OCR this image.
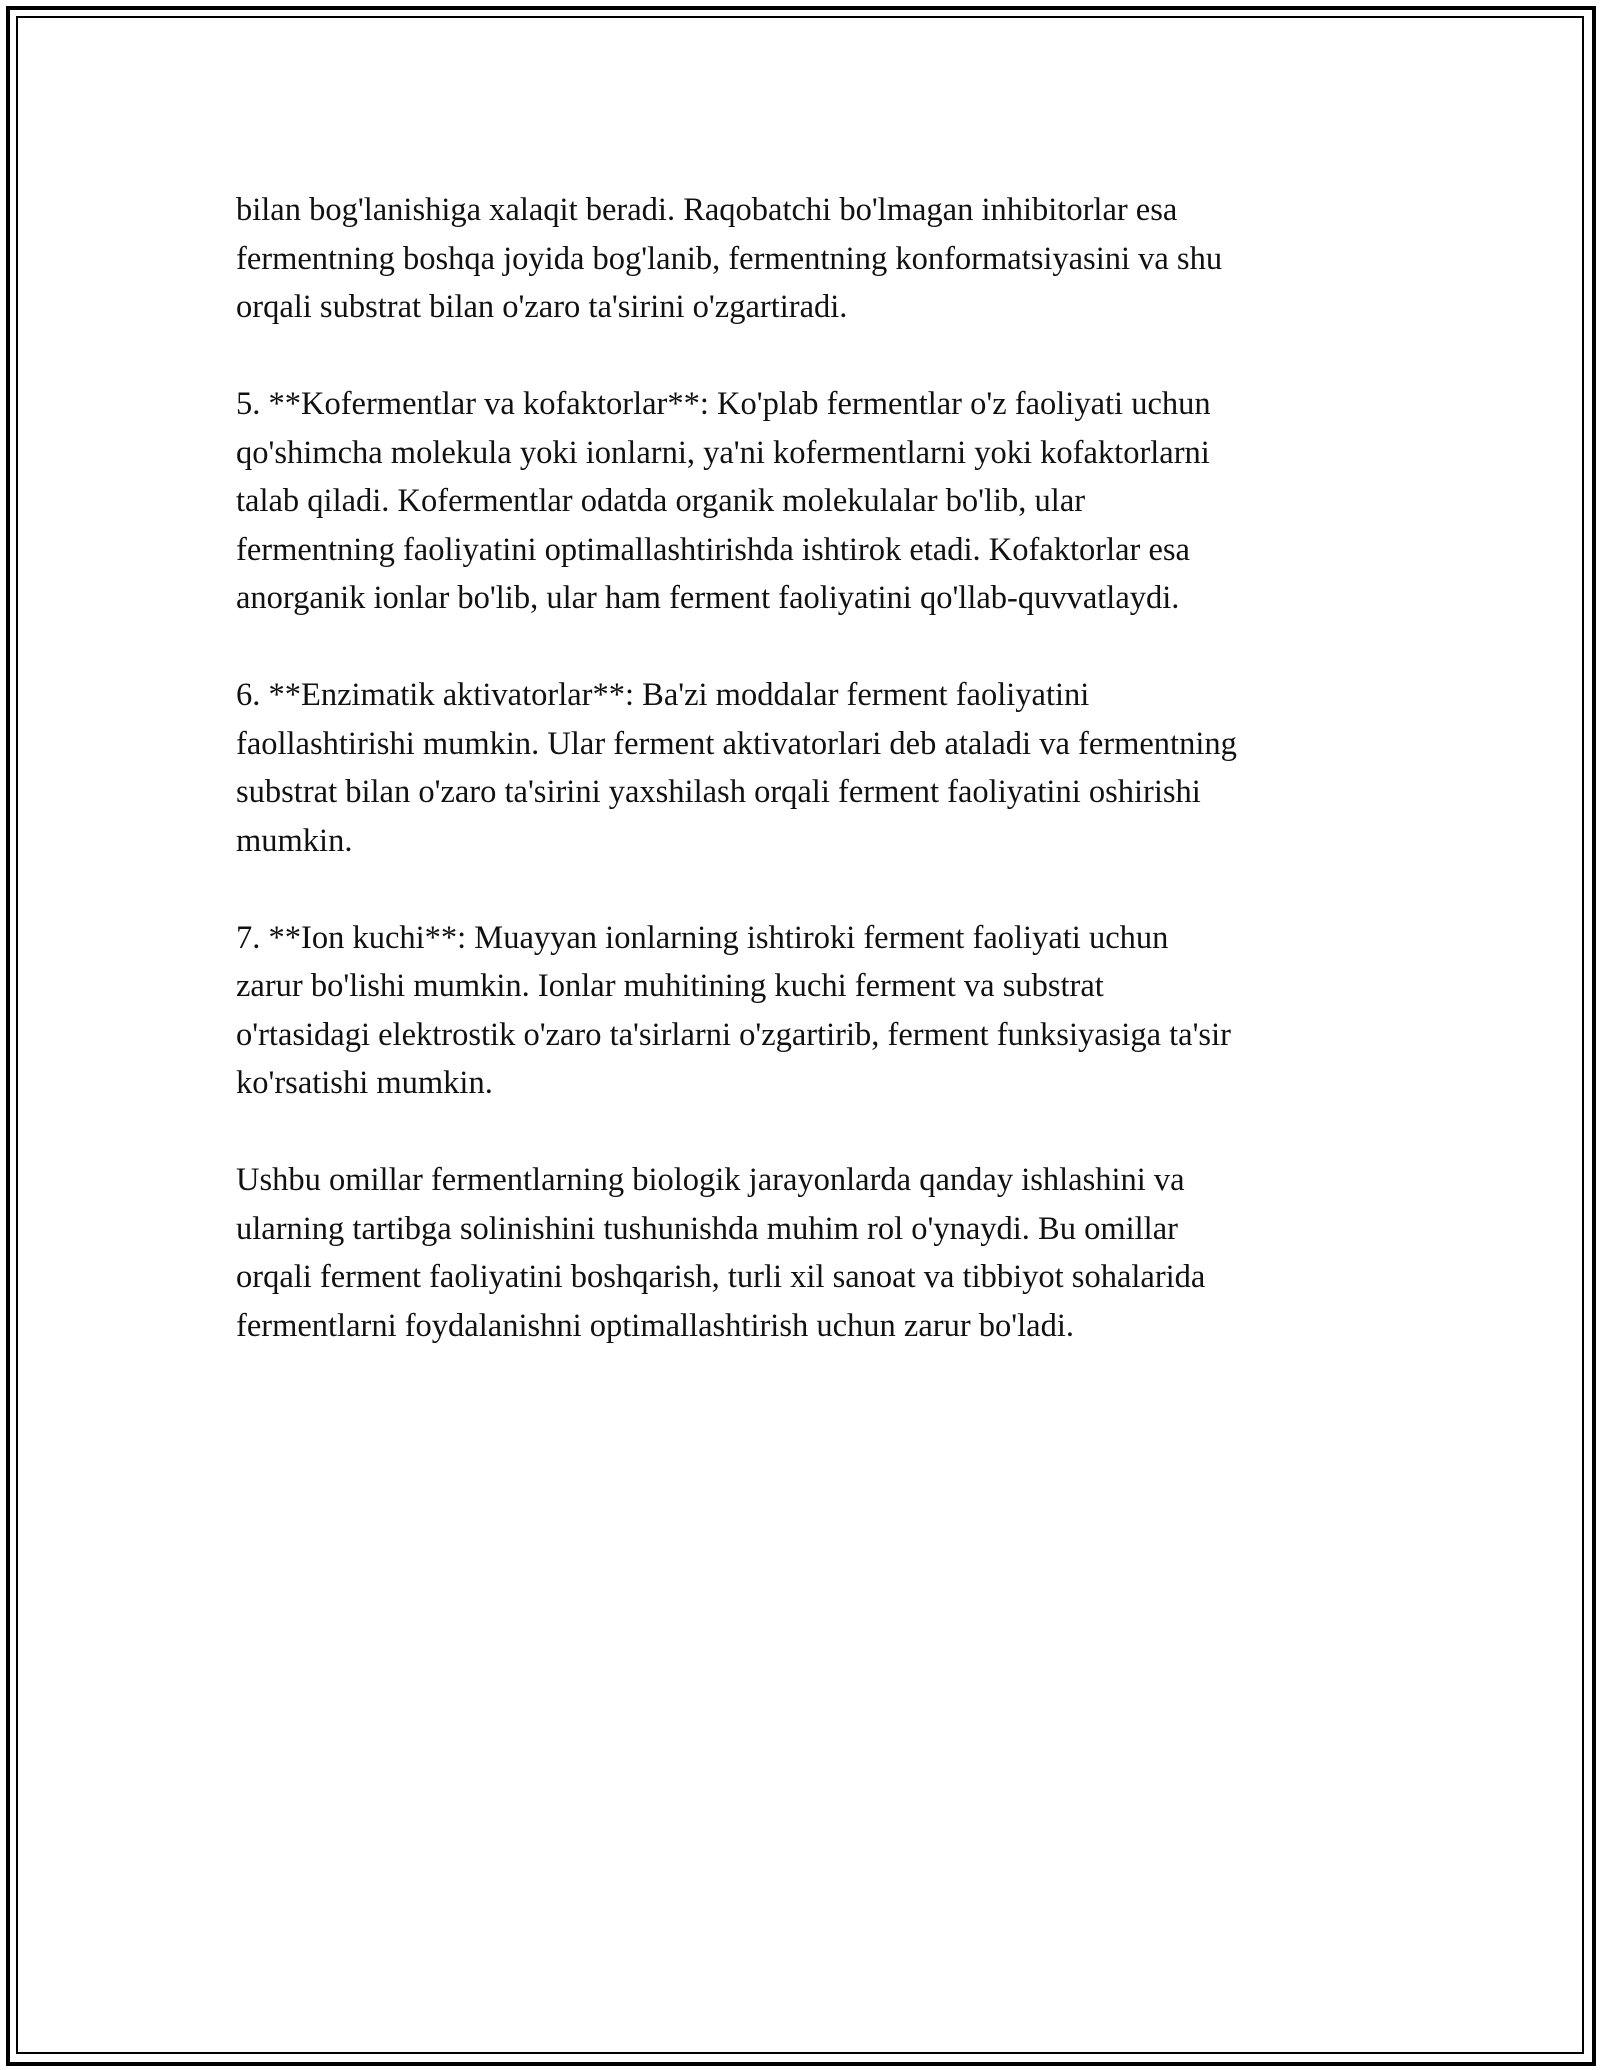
bilan bog'lanishiga xalaqit beradi. Raqobatchi bo'lmagan inhibitorlar esa
fermentning boshqa joyida bog'lanib, fermentning konformatsiyasini va shu
orqali substrat bilan o'zaro ta'sirini o'zgartiradi.

5. **Kofermentlar va kofaktorlar**: Ko'plab fermentlar o'z faoliyati uchun
qo'shimcha molekula yoki ionlarni, ya'ni kofermentlarni yoki kofaktorlarni
talab qiladi. Kofermentlar odatda organik molekulalar bo'lib, ular
fermentning faoliyatini optimallashtirishda ishtirok etadi. Kofaktorlar esa
anorganik ionlar bo'lib, ular ham ferment faoliyatini qo'llab-quvvatlaydi.

6. **Enzimatik aktivatorlar**: Ba'zi moddalar ferment faoliyatini
faollashtirishi mumkin. Ular ferment aktivatorlari deb ataladi va fermentning
substrat bilan o'zaro ta'sirini yaxshilash orqali ferment faoliyatini oshirishi
mumkin.

7. **Ion kuchi**: Muayyan ionlarning ishtiroki ferment faoliyati uchun
zarur bo'lishi mumkin. Ionlar muhitining kuchi ferment va substrat
o'rtasidagi elektrostik o'zaro ta'sirlarni o'zgartirib, ferment funksiyasiga ta'sir
ko'rsatishi mumkin.

Ushbu omillar fermentlarning biologik jarayonlarda qanday ishlashini va
ularning tartibga solinishini tushunishda muhim rol o'ynaydi. Bu omillar
orqali ferment faoliyatini boshqarish, turli xil sanoat va tibbiyot sohalarida
fermentlarni foydalanishni optimallashtirish uchun zarur bo'ladi.
